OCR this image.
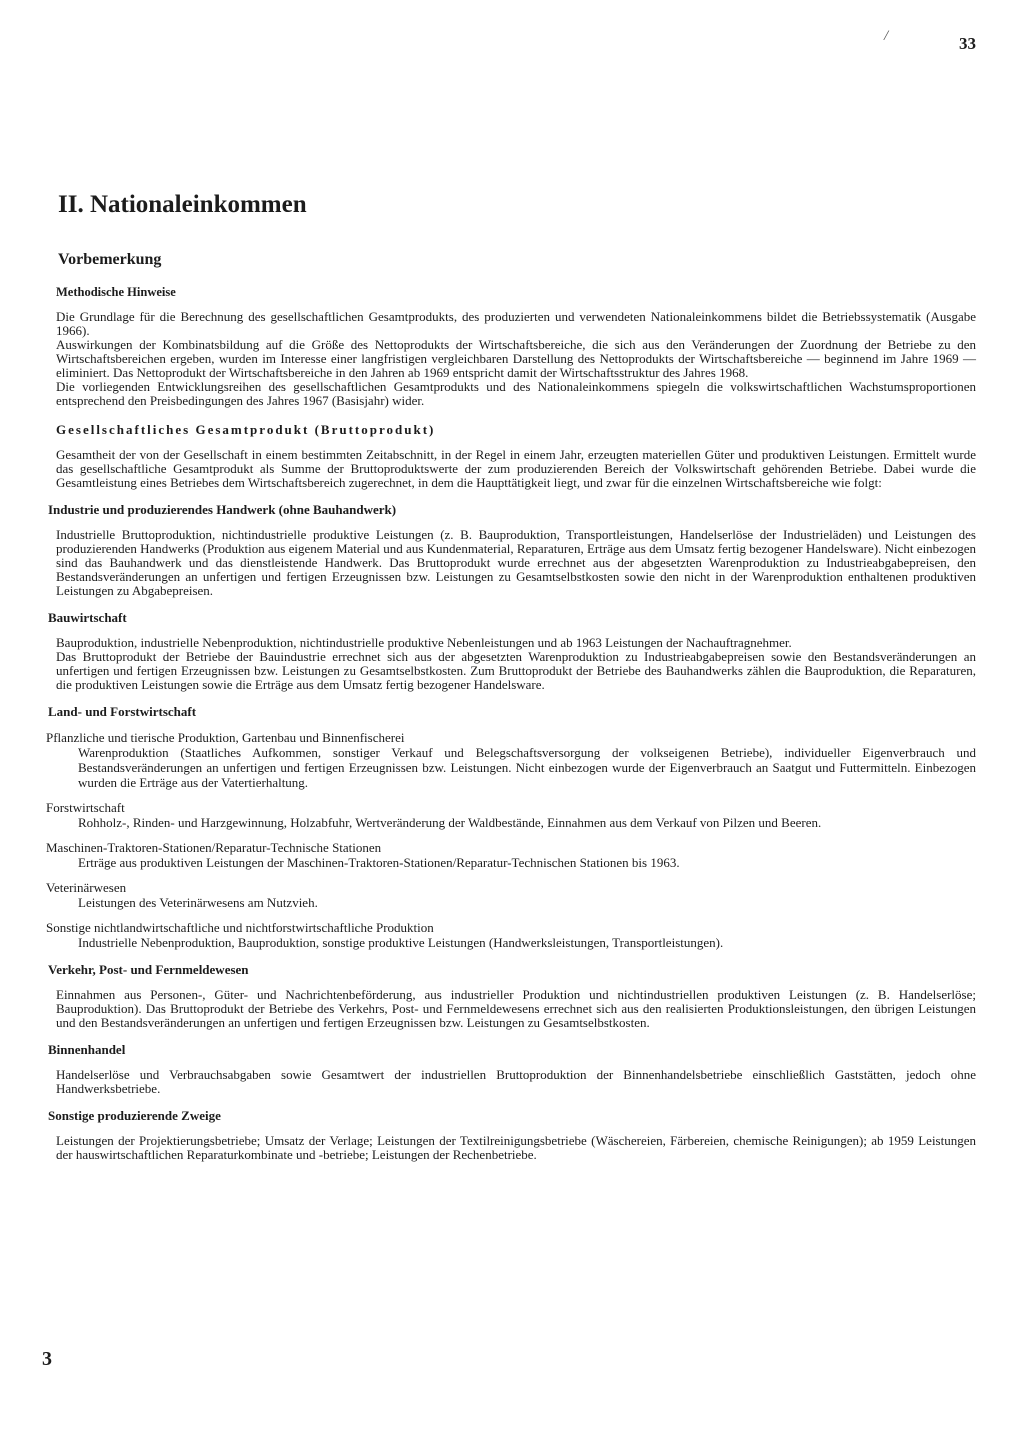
/	33
II. Nationaleinkommen
Vorbemerkung
Methodische Hinweise

Die Grundlage für die Berechnung des gesellschaftlichen Gesamtprodukts, des produzierten und verwendeten Nationaleinkommens bildet die Betriebssystematik (Ausgabe 1966).

Auswirkungen der Kombinatsbildung auf die Größe des Nettoprodukts der Wirtschaftsbereiche, die sich aus den Veränderungen der Zuordnung der Betriebe zu den Wirtschaftsbereichen ergeben, wurden im Interesse einer langfristigen vergleichbaren Darstellung des Nettoprodukts der Wirtschaftsbereiche — beginnend im Jahre 1969 — eliminiert. Das Nettoprodukt der Wirtschaftsbereiche in den Jahren ab 1969 entspricht damit der Wirtschaftsstruktur des Jahres 1968.

Die vorliegenden Entwicklungsreihen des gesellschaftlichen Gesamtprodukts und des Nationaleinkommens spiegeln die volkswirtschaftlichen Wachstumsproportionen entsprechend den Preisbedingungen des Jahres 1967 (Basisjahr) wider.

Gesellschaftliches Gesamtprodukt (Bruttoprodukt)

Gesamtheit der von der Gesellschaft in einem bestimmten Zeitabschnitt, in der Regel in einem Jahr, erzeugten materiellen Güter und produktiven Leistungen. Ermittelt wurde das gesellschaftliche Gesamtprodukt als Summe der Bruttoproduktswerte der zum produzierenden Bereich der Volkswirtschaft gehörenden Betriebe. Dabei wurde die Gesamtleistung eines Betriebes dem Wirtschaftsbereich zugerechnet, in dem die Haupttätigkeit liegt, und zwar für die einzelnen Wirtschaftsbereiche wie folgt:

Industrie und produzierendes Handwerk (ohne Bauhandwerk)

Industrielle Bruttoproduktion, nichtindustrielle produktive Leistungen (z. B. Bauproduktion, Transportleistungen, Handelserlöse der Industrieläden) und Leistungen des produzierenden Handwerks (Produktion aus eigenem Material und aus Kundenmaterial, Reparaturen, Erträge aus dem Umsatz fertig bezogener Handelsware). Nicht einbezogen sind das Bauhandwerk und das dienstleistende Handwerk. Das Bruttoprodukt wurde errechnet aus der abgesetzten Warenproduktion zu Industrieabgabepreisen, den Bestandsveränderungen an unfertigen und fertigen Erzeugnissen bzw. Leistungen zu Gesamtselbstkosten sowie den nicht in der Warenproduktion enthaltenen produktiven Leistungen zu Abgabepreisen.

Bauwirtschaft

Bauproduktion, industrielle Nebenproduktion, nichtindustrielle produktive Nebenleistungen und ab 1963 Leistungen der Nachauftragnehmer.

Das Bruttoprodukt der Betriebe der Bauindustrie errechnet sich aus der abgesetzten Warenproduktion zu Industrieabgabepreisen sowie den Bestandsveränderungen an unfertigen und fertigen Erzeugnissen bzw. Leistungen zu Gesamtselbstkosten. Zum Bruttoprodukt der Betriebe des Bauhandwerks zählen die Bauproduktion, die Reparaturen, die produktiven Leistungen sowie die Erträge aus dem Umsatz fertig bezogener Handelsware.

Land- und Forstwirtschaft
Pflanzliche und tierische Produktion, Gartenbau und Binnenfischerei
Warenproduktion (Staatliches Aufkommen, sonstiger Verkauf und Belegschaftsversorgung der volkseigenen Betriebe), individueller Eigenverbrauch und Bestandsveränderungen an unfertigen und fertigen Erzeugnissen bzw. Leistungen. Nicht einbezogen wurde der Eigenverbrauch an Saatgut und Futtermitteln. Einbezogen wurden die Erträge aus der Vatertierhaltung.
Forstwirtschaft
Rohholz-, Rinden- und Harzgewinnung, Holzabfuhr, Wertveränderung der Waldbestände, Einnahmen aus dem Verkauf von Pilzen und Beeren.
Maschinen-Traktoren-Stationen/Reparatur-Technische Stationen
Erträge aus produktiven Leistungen der Maschinen-Traktoren-Stationen/Reparatur-Technischen Stationen bis 1963.
Veterinärwesen
Leistungen des Veterinärwesens am Nutzvieh.
Sonstige nichtlandwirtschaftliche und nichtforstwirtschaftliche Produktion
Industrielle Nebenproduktion, Bauproduktion, sonstige produktive Leistungen (Handwerksleistungen, Transportleistungen).
Verkehr, Post- und Fernmeldewesen

Einnahmen aus Personen-, Güter- und Nachrichtenbeförderung, aus industrieller Produktion und nichtindustriellen produktiven Leistungen (z. B. Handelserlöse; Bauproduktion). Das Bruttoprodukt der Betriebe des Verkehrs, Post- und Fernmeldewesens errechnet sich aus den realisierten Produktionsleistungen, den übrigen Leistungen und den Bestandsveränderungen an unfertigen und fertigen Erzeugnissen bzw. Leistungen zu Gesamtselbstkosten.

Binnenhandel

Handelserlöse und Verbrauchsabgaben sowie Gesamtwert der industriellen Bruttoproduktion der Binnenhandelsbetriebe einschließlich Gaststätten, jedoch ohne Handwerksbetriebe.

Sonstige produzierende Zweige

Leistungen der Projektierungsbetriebe; Umsatz der Verlage; Leistungen der Textilreinigungsbetriebe (Wäschereien, Färbereien, chemische Reinigungen); ab 1959 Leistungen der hauswirtschaftlichen Reparaturkombinate und -betriebe; Leistungen der Rechenbetriebe.

3
